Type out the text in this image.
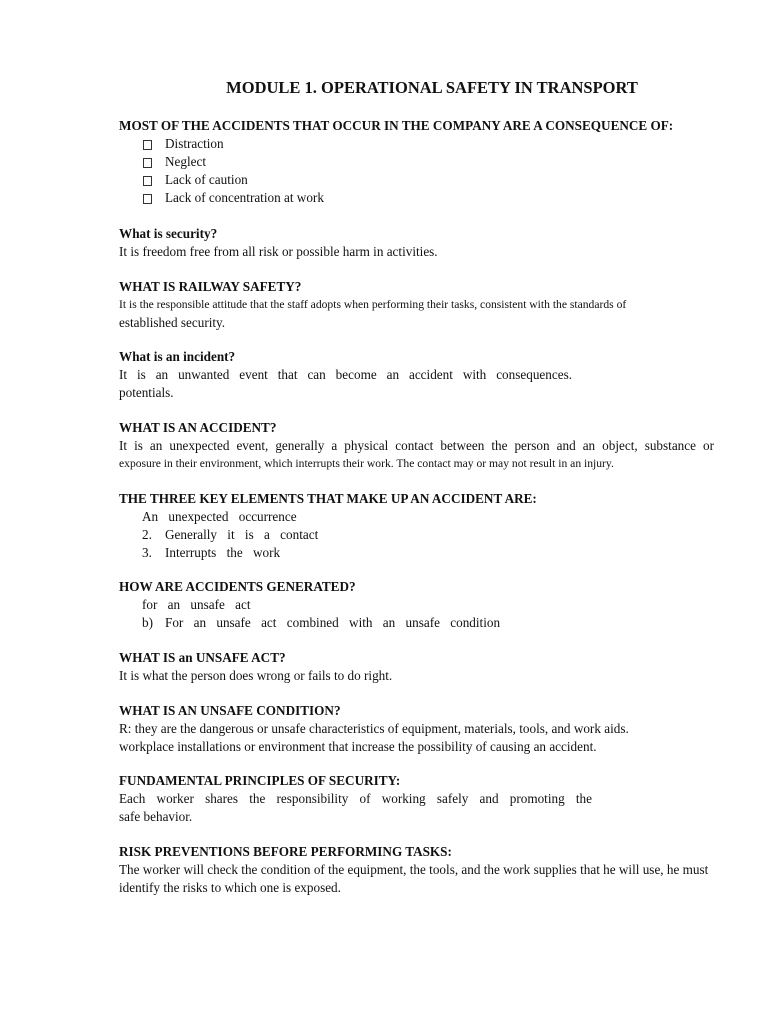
MODULE 1. OPERATIONAL SAFETY IN TRANSPORT
MOST OF THE ACCIDENTS THAT OCCUR IN THE COMPANY ARE A CONSEQUENCE OF:
Distraction
Neglect
Lack of caution
Lack of concentration at work
What is security?
It is freedom free from all risk or possible harm in activities.
WHAT IS RAILWAY SAFETY?
It is the responsible attitude that the staff adopts when performing their tasks, consistent with the standards of
established security.
What is an incident?
It is an unwanted event that can become an accident with consequences.
potentials.
WHAT IS AN ACCIDENT?
It is an unexpected event, generally a physical contact between the person and an object, substance or
exposure in their environment, which interrupts their work. The contact may or may not result in an injury.
THE THREE KEY ELEMENTS THAT MAKE UP AN ACCIDENT ARE:
An unexpected occurrence
2. Generally it is a contact
3. Interrupts the work
HOW ARE ACCIDENTS GENERATED?
for an unsafe act
b) For an unsafe act combined with an unsafe condition
WHAT IS an UNSAFE ACT?
It is what the person does wrong or fails to do right.
WHAT IS AN UNSAFE CONDITION?
R: they are the dangerous or unsafe characteristics of equipment, materials, tools, and work aids.
workplace installations or environment that increase the possibility of causing an accident.
FUNDAMENTAL PRINCIPLES OF SECURITY:
Each worker shares the responsibility of working safely and promoting the
safe behavior.
RISK PREVENTIONS BEFORE PERFORMING TASKS:
The worker will check the condition of the equipment, the tools, and the work supplies that he will use, he must
identify the risks to which one is exposed.
